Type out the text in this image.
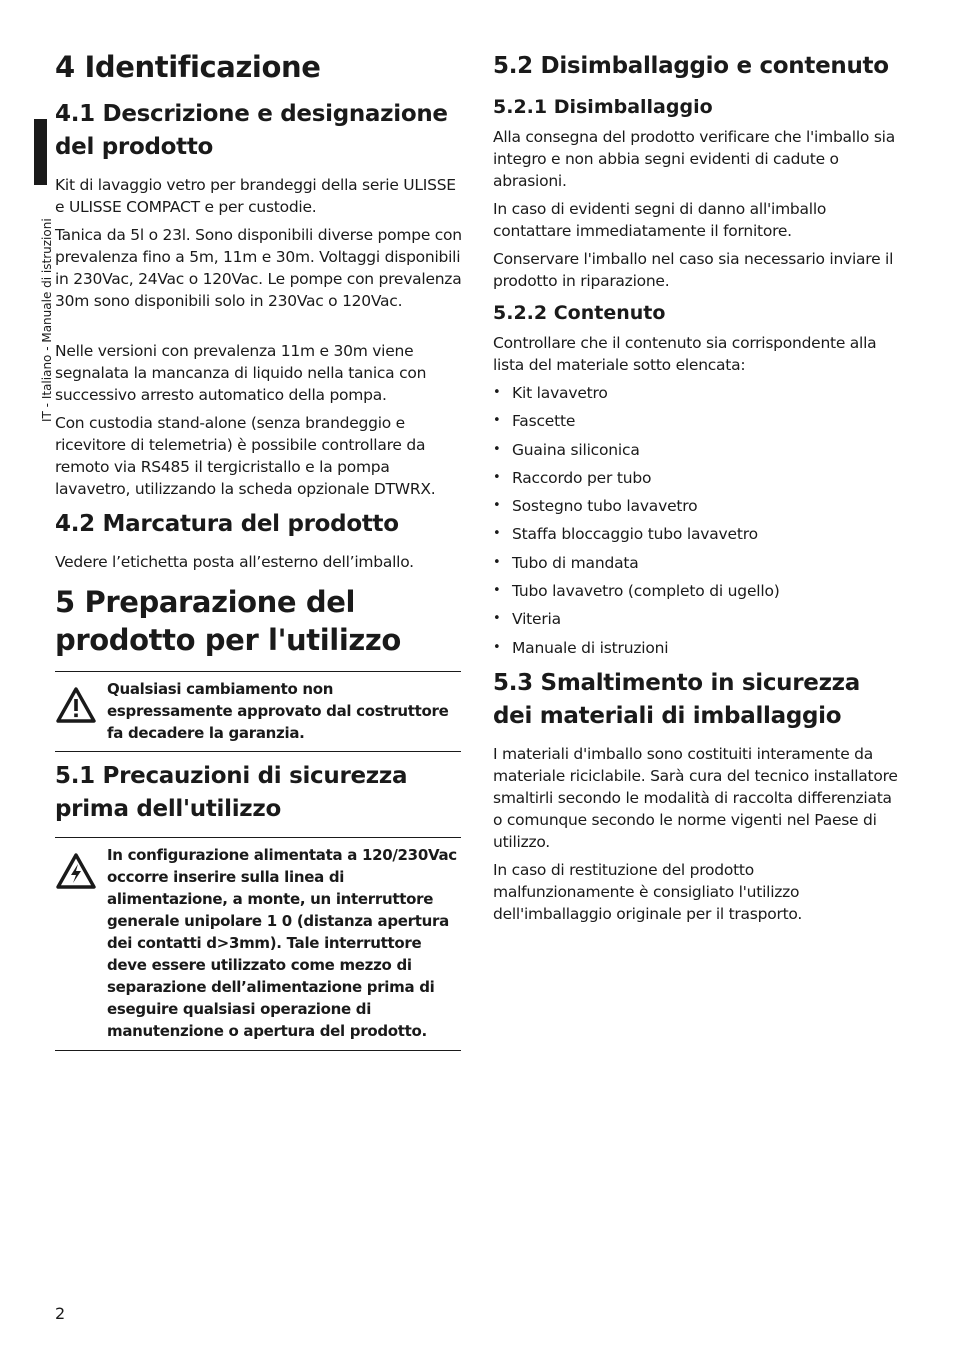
IT - Italiano - Manuale di istruzioni
4 Identificazione
4.1 Descrizione e designazione del prodotto

Kit di lavaggio vetro per brandeggi della serie ULISSE e ULISSE COMPACT e per custodie.

Tanica da 5l o 23l. Sono disponibili diverse pompe con prevalenza fino a 5m, 11m e 30m. Voltaggi disponibili in 230Vac, 24Vac o 120Vac. Le pompe con prevalenza 30m sono disponibili solo in 230Vac o 120Vac.

Nelle versioni con prevalenza 11m e 30m viene segnalata la mancanza di liquido nella tanica con successivo arresto automatico della pompa.

Con custodia stand-alone (senza brandeggio e ricevitore di telemetria) è possibile controllare da remoto via RS485 il tergicristallo e la pompa lavavetro, utilizzando la scheda opzionale DTWRX.

4.2 Marcatura del prodotto

Vedere l’etichetta posta all’esterno dell’imballo.

5 Preparazione del prodotto per l'utilizzo

Qualsiasi cambiamento non espressamente approvato dal costruttore fa decadere la garanzia.

5.1 Precauzioni di sicurezza prima dell'utilizzo

In configurazione alimentata a 120/230Vac occorre inserire sulla linea di alimentazione, a monte, un interruttore generale unipolare 1 0 (distanza apertura dei contatti d>3mm). Tale interruttore deve essere utilizzato come mezzo di separazione dell’alimentazione prima di eseguire qualsiasi operazione di manutenzione o apertura del prodotto.

5.2 Disimballaggio e contenuto
5.2.1 Disimballaggio

Alla consegna del prodotto verificare che l'imballo sia integro e non abbia segni evidenti di cadute o abrasioni.

In caso di evidenti segni di danno all'imballo contattare immediatamente il fornitore.

Conservare l'imballo nel caso sia necessario inviare il prodotto in riparazione.

5.2.2 Contenuto

Controllare che il contenuto sia corrispondente alla lista del materiale sotto elencata:

• Kit lavavetro
• Fascette
• Guaina siliconica
• Raccordo per tubo
• Sostegno tubo lavavetro
• Staffa bloccaggio tubo lavavetro
• Tubo di mandata
• Tubo lavavetro (completo di ugello)
• Viteria
• Manuale di istruzioni
5.3 Smaltimento in sicurezza dei materiali di imballaggio

I materiali d'imballo sono costituiti interamente da materiale riciclabile. Sarà cura del tecnico installatore smaltirli secondo le modalità di raccolta differenziata o comunque secondo le norme vigenti nel Paese di utilizzo.

In caso di restituzione del prodotto malfunzionamente è consigliato l'utilizzo dell'imballaggio originale per il trasporto.

2
